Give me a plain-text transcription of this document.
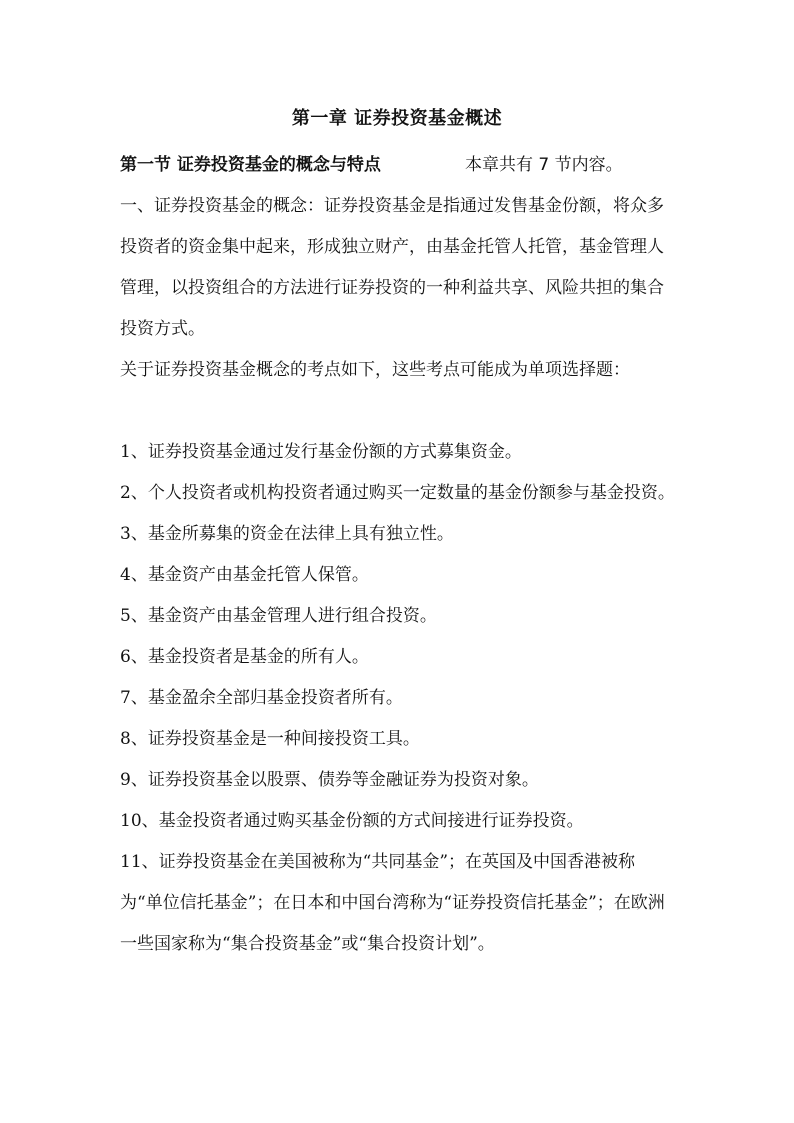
第一章 证券投资基金概述

第一节 证券投资基金的概念与特点	本章共有 7 节内容。

一、证券投资基金的概念：证券投资基金是指通过发售基金份额，将众多投资者的资金集中起来，形成独立财产，由基金托管人托管，基金管理人管理，以投资组合的方法进行证券投资的一种利益共享、风险共担的集合投资方式。

关于证券投资基金概念的考点如下，这些考点可能成为单项选择题：

1、证券投资基金通过发行基金份额的方式募集资金。

2、个人投资者或机构投资者通过购买一定数量的基金份额参与基金投资。

3、基金所募集的资金在法律上具有独立性。

4、基金资产由基金托管人保管。

5、基金资产由基金管理人进行组合投资。

6、基金投资者是基金的所有人。

7、基金盈余全部归基金投资者所有。

8、证券投资基金是一种间接投资工具。

9、证券投资基金以股票、债券等金融证券为投资对象。

10、基金投资者通过购买基金份额的方式间接进行证券投资。

11、证券投资基金在美国被称为“共同基金”；在英国及中国香港被称为“单位信托基金”；在日本和中国台湾称为“证券投资信托基金”；在欧洲一些国家称为“集合投资基金”或“集合投资计划”。
